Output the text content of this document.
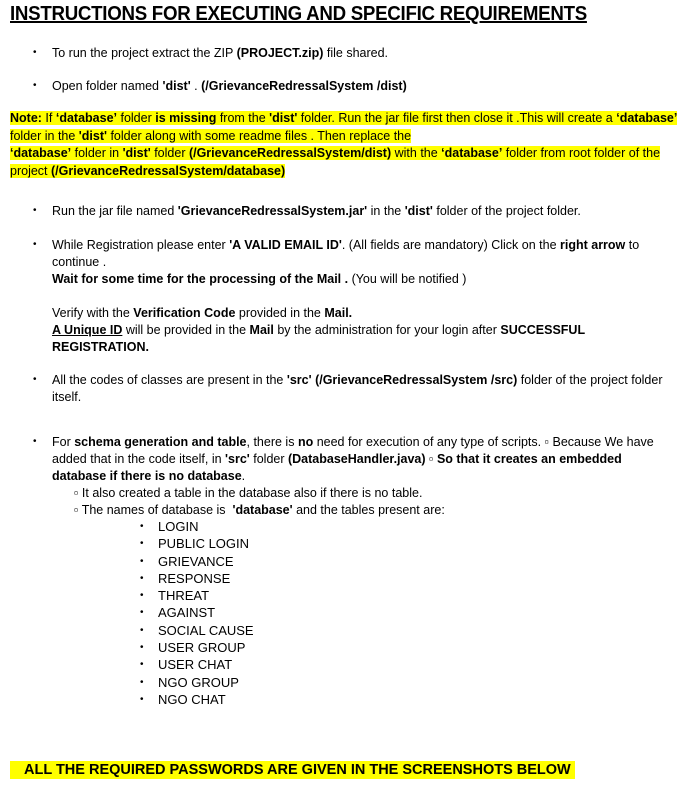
INSTRUCTIONS FOR EXECUTING AND SPECIFIC REQUIREMENTS
• To run the project extract the ZIP (PROJECT.zip) file shared.
• Open folder named 'dist' . (/GrievanceRedressalSystem /dist)
Note: If ‘database’ folder is missing from the 'dist' folder. Run the jar file first then close it .This will create a ‘database’ folder in the 'dist' folder along with some readme files . Then replace the
‘database’ folder in 'dist' folder (/GrievanceRedressalSystem/dist) with the ‘database’ folder from root folder of the project (/GrievanceRedressalSystem/database)
• Run the jar file named 'GrievanceRedressalSystem.jar' in the 'dist' folder of the project folder.
• While Registration please enter 'A VALID EMAIL ID'. (All fields are mandatory) Click on the right arrow to continue .
Wait for some time for the processing of the Mail . (You will be notified )

Verify with the Verification Code provided in the Mail.
A Unique ID will be provided in the Mail by the administration for your login after SUCCESSFUL REGISTRATION.
• All the codes of classes are present in the 'src' (/GrievanceRedressalSystem /src) folder of the project folder itself.
• For schema generation and table, there is no need for execution of any type of scripts. ▫ Because We have added that in the code itself, in 'src' folder (DatabaseHandler.java) ▫ So that it creates an embedded database if there is no database.
▫ It also created a table in the database also if there is no table.
▫ The names of database is  'database' and the tables present are:
• LOGIN
• PUBLIC LOGIN
• GRIEVANCE
• RESPONSE
• THREAT
• AGAINST
• SOCIAL CAUSE
• USER GROUP
• USER CHAT
• NGO GROUP
• NGO CHAT
ALL THE REQUIRED PASSWORDS ARE GIVEN IN THE SCREENSHOTS BELOW
